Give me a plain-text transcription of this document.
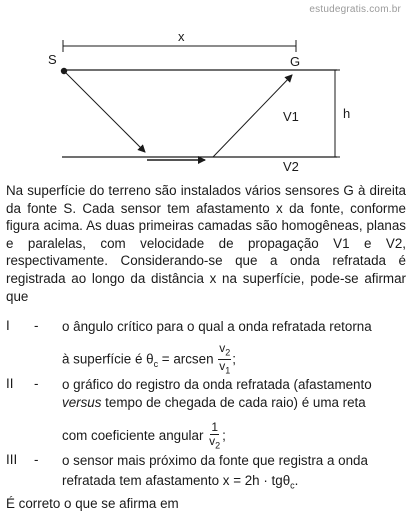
estudegratis.com.br
x
h
S	G
V1
V2

Na superfície do terreno são instalados vários sensores G à direita da fonte S. Cada sensor tem afastamento x da fonte, conforme figura acima. As duas primeiras camadas são homogêneas, planas e paralelas, com velocidade de propagação V1 e V2, respectivamente. Considerando-se que a onda refratada é registrada ao longo da distância x na superfície, pode-se afirmar que

I - o ângulo crítico para o qual a onda refratada retorna
à superfície é $\theta_c$ = arcsen $\frac{v_2}{v_1}$ ;
II - o gráfico do registro da onda refratada (afastamento versus tempo de chegada de cada raio) é uma reta
com coeficiente angular $\frac{1}{v_2}$ ;
III - o sensor mais próximo da fonte que registra a onda
refratada tem afastamento x = 2h · tgθ$_c$.
É correto o que se afirma em
